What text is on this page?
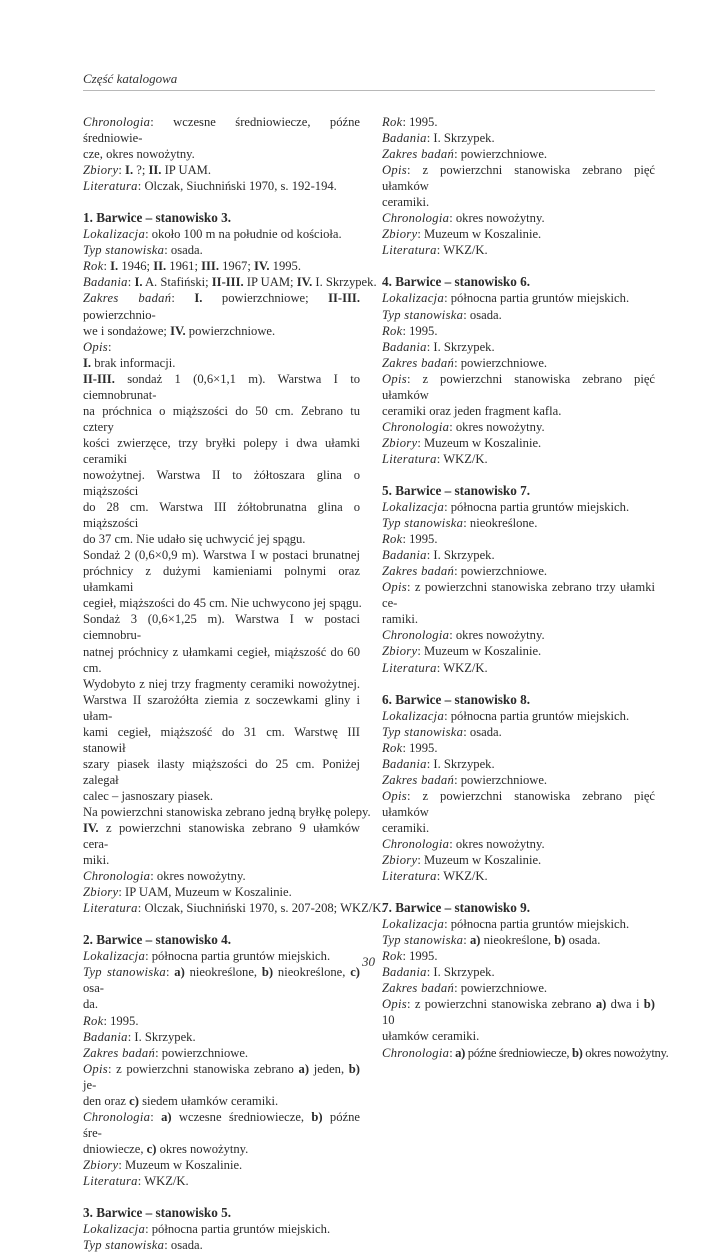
Część katalogowa
Chronologia: wczesne średniowiecze, późne średniowie-
cze, okres nowożytny.
Zbiory: I. ?; II. IP UAM.
Literatura: Olczak, Siuchniński 1970, s. 192-194.
1. Barwice – stanowisko 3.
Lokalizacja: około 100 m na południe od kościoła.
Typ stanowiska: osada.
Rok: I. 1946; II. 1961; III. 1967; IV. 1995.
Badania: I. A. Stafiński; II-III. IP UAM; IV. I. Skrzypek.
Zakres badań: I. powierzchniowe; II-III. powierzchnio-
we i sondażowe; IV. powierzchniowe.
Opis:
I. brak informacji.
II-III. sondaż 1 (0,6×1,1 m). Warstwa I to ciemnobrunat-
na próchnica o miąższości do 50 cm. Zebrano tu cztery
kości zwierzęce, trzy bryłki polepy i dwa ułamki ceramiki
nowożytnej. Warstwa II to żółtoszara glina o miąższości
do 28 cm. Warstwa III żółtobrunatna glina o miąższości
do 37 cm. Nie udało się uchwycić jej spągu.
Sondaż 2 (0,6×0,9 m). Warstwa I w postaci brunatnej
próchnicy z dużymi kamieniami polnymi oraz ułamkami
cegieł, miąższości do 45 cm. Nie uchwycono jej spągu.
Sondaż 3 (0,6×1,25 m). Warstwa I w postaci ciemnobru-
natnej próchnicy z ułamkami cegieł, miąższość do 60 cm.
Wydobyto z niej trzy fragmenty ceramiki nowożytnej.
Warstwa II szarożółta ziemia z soczewkami gliny i ułam-
kami cegieł, miąższość do 31 cm. Warstwę III stanowił
szary piasek ilasty miąższości do 25 cm. Poniżej zalegał
calec – jasnoszary piasek.
Na powierzchni stanowiska zebrano jedną bryłkę polepy.
IV. z powierzchni stanowiska zebrano 9 ułamków cera-
miki.
Chronologia: okres nowożytny.
Zbiory: IP UAM, Muzeum w Koszalinie.
Literatura: Olczak, Siuchniński 1970, s. 207-208; WKZ/K.
2. Barwice – stanowisko 4.
Lokalizacja: północna partia gruntów miejskich.
Typ stanowiska: a) nieokreślone, b) nieokreślone, c) osa-
da.
Rok: 1995.
Badania: I. Skrzypek.
Zakres badań: powierzchniowe.
Opis: z powierzchni stanowiska zebrano a) jeden, b) je-
den oraz c) siedem ułamków ceramiki.
Chronologia: a) wczesne średniowiecze, b) późne śre-
dniowiecze, c) okres nowożytny.
Zbiory: Muzeum w Koszalinie.
Literatura: WKZ/K.
3. Barwice – stanowisko 5.
Lokalizacja: północna partia gruntów miejskich.
Typ stanowiska: osada.
Rok: 1995.
Badania: I. Skrzypek.
Zakres badań: powierzchniowe.
Opis: z powierzchni stanowiska zebrano pięć ułamków
ceramiki.
Chronologia: okres nowożytny.
Zbiory: Muzeum w Koszalinie.
Literatura: WKZ/K.
4. Barwice – stanowisko 6.
Lokalizacja: północna partia gruntów miejskich.
Typ stanowiska: osada.
Rok: 1995.
Badania: I. Skrzypek.
Zakres badań: powierzchniowe.
Opis: z powierzchni stanowiska zebrano pięć ułamków
ceramiki oraz jeden fragment kafla.
Chronologia: okres nowożytny.
Zbiory: Muzeum w Koszalinie.
Literatura: WKZ/K.
5. Barwice – stanowisko 7.
Lokalizacja: północna partia gruntów miejskich.
Typ stanowiska: nieokreślone.
Rok: 1995.
Badania: I. Skrzypek.
Zakres badań: powierzchniowe.
Opis: z powierzchni stanowiska zebrano trzy ułamki ce-
ramiki.
Chronologia: okres nowożytny.
Zbiory: Muzeum w Koszalinie.
Literatura: WKZ/K.
6. Barwice – stanowisko 8.
Lokalizacja: północna partia gruntów miejskich.
Typ stanowiska: osada.
Rok: 1995.
Badania: I. Skrzypek.
Zakres badań: powierzchniowe.
Opis: z powierzchni stanowiska zebrano pięć ułamków
ceramiki.
Chronologia: okres nowożytny.
Zbiory: Muzeum w Koszalinie.
Literatura: WKZ/K.
7. Barwice – stanowisko 9.
Lokalizacja: północna partia gruntów miejskich.
Typ stanowiska: a) nieokreślone, b) osada.
Rok: 1995.
Badania: I. Skrzypek.
Zakres badań: powierzchniowe.
Opis: z powierzchni stanowiska zebrano a) dwa i b) 10
ułamków ceramiki.
Chronologia: a) późne średniowiecze, b) okres nowożytny.
30
